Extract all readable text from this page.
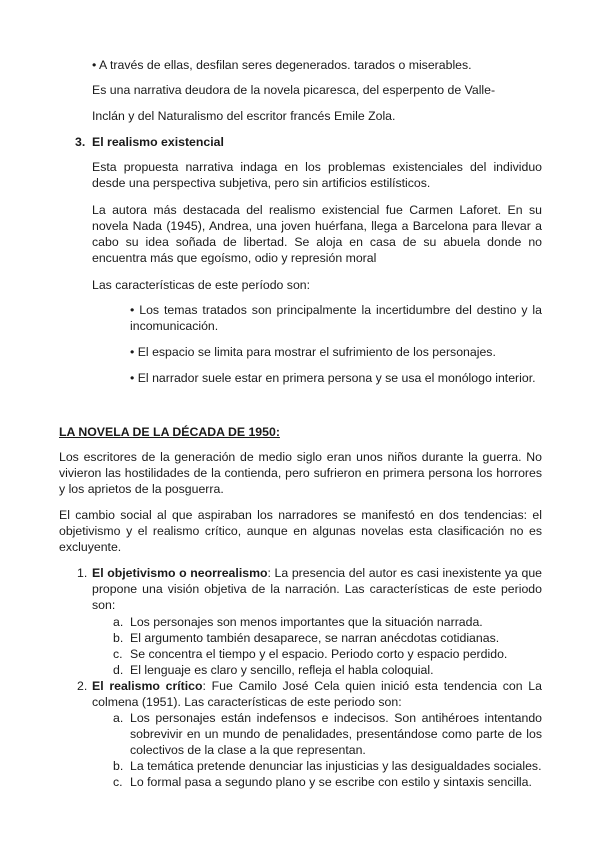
• A través de ellas, desfilan seres degenerados. tarados o miserables.
Es una narrativa deudora de la novela picaresca, del esperpento de Valle-
Inclán y del Naturalismo del escritor francés Emile Zola.
3. El realismo existencial
Esta propuesta narrativa indaga en los problemas existenciales del individuo desde una perspectiva subjetiva, pero sin artificios estilísticos.
La autora más destacada del realismo existencial fue Carmen Laforet. En su novela Nada (1945), Andrea, una joven huérfana, llega a Barcelona para llevar a cabo su idea soñada de libertad. Se aloja en casa de su abuela donde no encuentra más que egoísmo, odio y represión moral
Las características de este período son:
• Los temas tratados son principalmente la incertidumbre del destino y la incomunicación.
• El espacio se limita para mostrar el sufrimiento de los personajes.
• El narrador suele estar en primera persona y se usa el monólogo interior.
LA NOVELA DE LA DÉCADA DE 1950:
Los escritores de la generación de medio siglo eran unos niños durante la guerra. No vivieron las hostilidades de la contienda, pero sufrieron en primera persona los horrores y los aprietos de la posguerra.
El cambio social al que aspiraban los narradores se manifestó en dos tendencias: el objetivismo y el realismo crítico, aunque en algunas novelas esta clasificación no es excluyente.
1. El objetivismo o neorrealismo: La presencia del autor es casi inexistente ya que propone una visión objetiva de la narración. Las características de este periodo son:
a. Los personajes son menos importantes que la situación narrada.
b. El argumento también desaparece, se narran anécdotas cotidianas.
c. Se concentra el tiempo y el espacio. Periodo corto y espacio perdido.
d. El lenguaje es claro y sencillo, refleja el habla coloquial.
2. El realismo crítico: Fue Camilo José Cela quien inició esta tendencia con La colmena (1951). Las características de este periodo son:
a. Los personajes están indefensos e indecisos. Son antihéroes intentando sobrevivir en un mundo de penalidades, presentándose como parte de los colectivos de la clase a la que representan.
b. La temática pretende denunciar las injusticias y las desigualdades sociales.
c. Lo formal pasa a segundo plano y se escribe con estilo y sintaxis sencilla.
